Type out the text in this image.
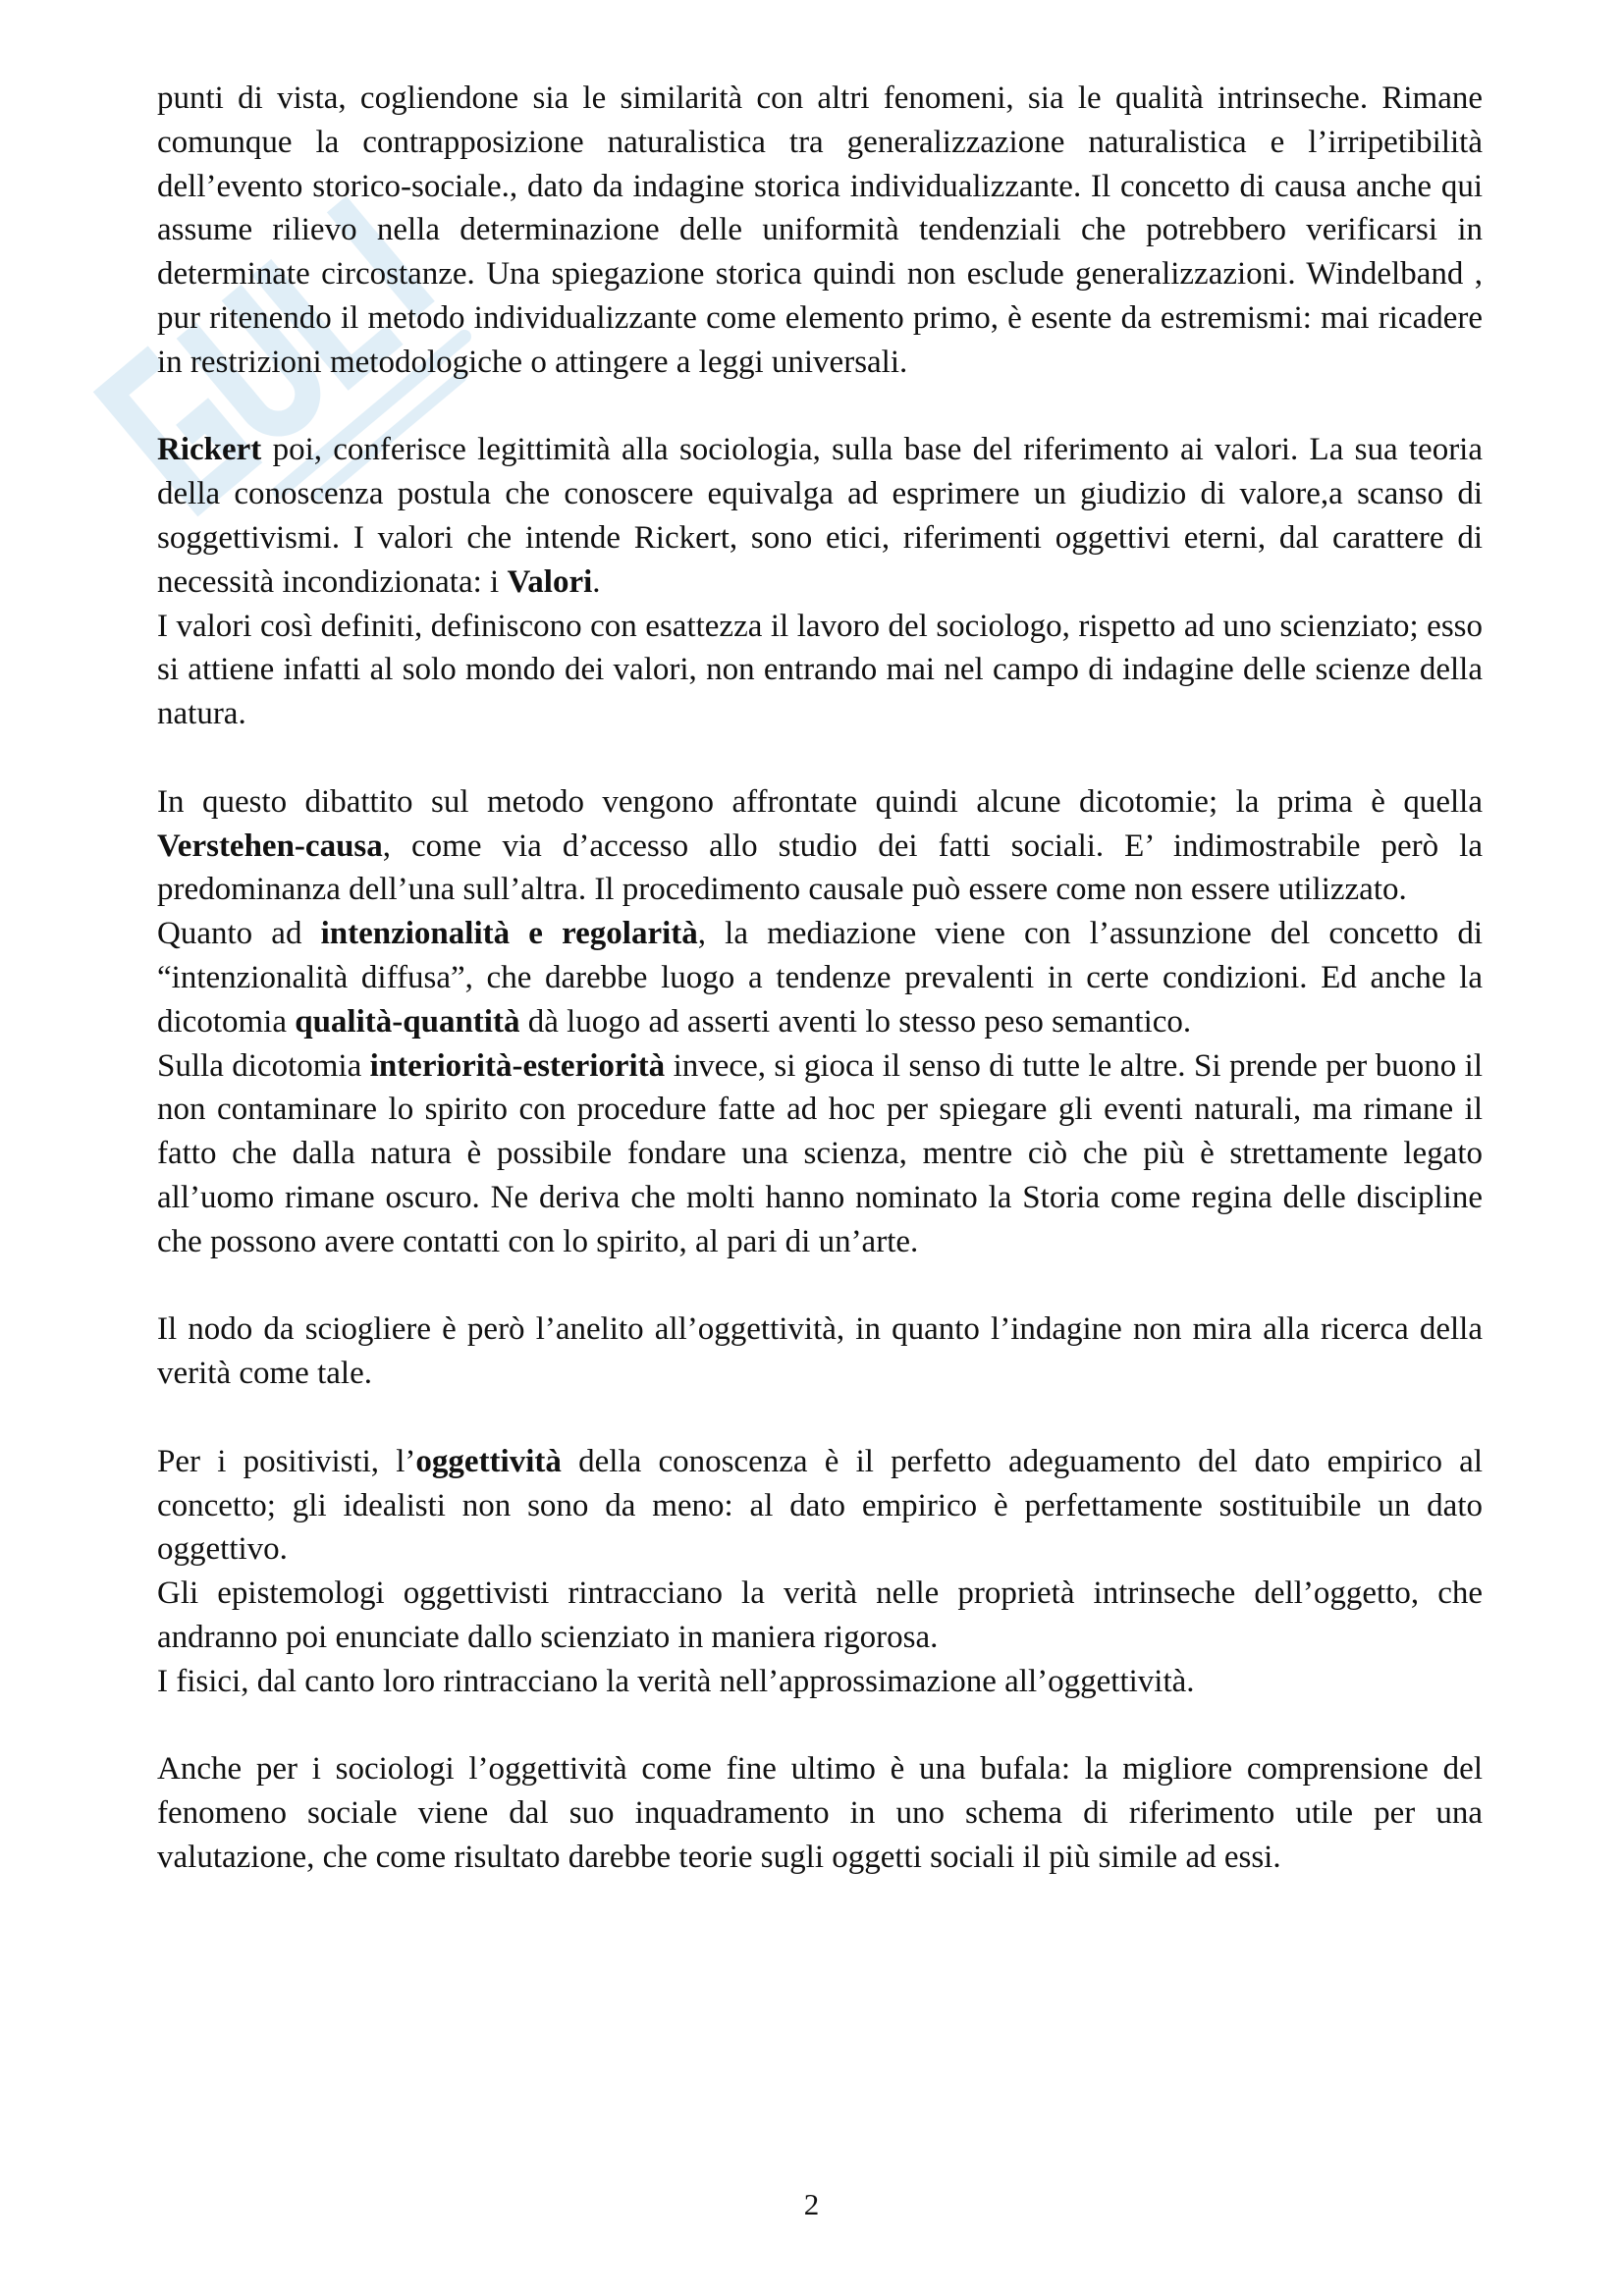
punti di vista, cogliendone sia le similarità con altri fenomeni, sia le qualità intrinseche. Rimane comunque la contrapposizione naturalistica tra generalizzazione naturalistica e l’irripetibilità dell’evento storico-sociale., dato da indagine storica individualizzante. Il concetto di causa anche qui assume rilievo nella determinazione delle uniformità tendenziali che potrebbero verificarsi in determinate circostanze. Una spiegazione storica quindi non esclude generalizzazioni. Windelband , pur ritenendo il metodo individualizzante come elemento primo, è esente da estremismi: mai ricadere in restrizioni metodologiche o attingere a leggi universali.

Rickert poi, conferisce legittimità alla sociologia, sulla base del riferimento ai valori. La sua teoria della conoscenza postula che conoscere equivalga ad esprimere un giudizio di valore,a scanso di soggettivismi. I valori che intende Rickert, sono etici, riferimenti oggettivi eterni, dal carattere di necessità incondizionata: i Valori.

I valori così definiti, definiscono con esattezza il lavoro del sociologo, rispetto ad uno scienziato; esso si attiene infatti al solo mondo dei valori, non entrando mai nel campo di indagine delle scienze della natura.

In questo dibattito sul metodo vengono affrontate quindi alcune dicotomie; la prima è quella Verstehen-causa, come via d’accesso allo studio dei fatti sociali. E’ indimostrabile però la predominanza dell’una sull’altra. Il procedimento causale può essere come non essere utilizzato.

Quanto ad intenzionalità e regolarità, la mediazione viene con l’assunzione del concetto di “intenzionalità diffusa”, che darebbe luogo a tendenze prevalenti in certe condizioni. Ed anche la dicotomia qualità-quantità dà luogo ad asserti aventi lo stesso peso semantico.

Sulla dicotomia interiorità-esteriorità invece, si gioca il senso di tutte le altre. Si prende per buono il non contaminare lo spirito con procedure fatte ad hoc per spiegare gli eventi naturali, ma rimane il fatto che dalla natura è possibile fondare una scienza, mentre ciò che più è strettamente legato all’uomo rimane oscuro. Ne deriva che molti hanno nominato la Storia come regina delle discipline che possono avere contatti con lo spirito, al pari di un’arte.

Il nodo da sciogliere è però l’anelito all’oggettività, in quanto l’indagine non mira alla ricerca della verità come tale.

Per i positivisti, l’oggettività della conoscenza è il perfetto adeguamento del dato empirico al concetto; gli idealisti non sono da meno: al dato empirico è perfettamente sostituibile un dato oggettivo.

Gli epistemologi oggettivisti rintracciano la verità nelle proprietà intrinseche dell’oggetto, che andranno poi enunciate dallo scienziato in maniera rigorosa.

I fisici, dal canto loro rintracciano la verità nell’approssimazione all’oggettività.

Anche per i sociologi l’oggettività come fine ultimo è una bufala: la migliore comprensione del fenomeno sociale viene dal suo inquadramento in uno schema di riferimento utile per una valutazione, che come risultato darebbe teorie sugli oggetti sociali il più simile ad essi.

2
